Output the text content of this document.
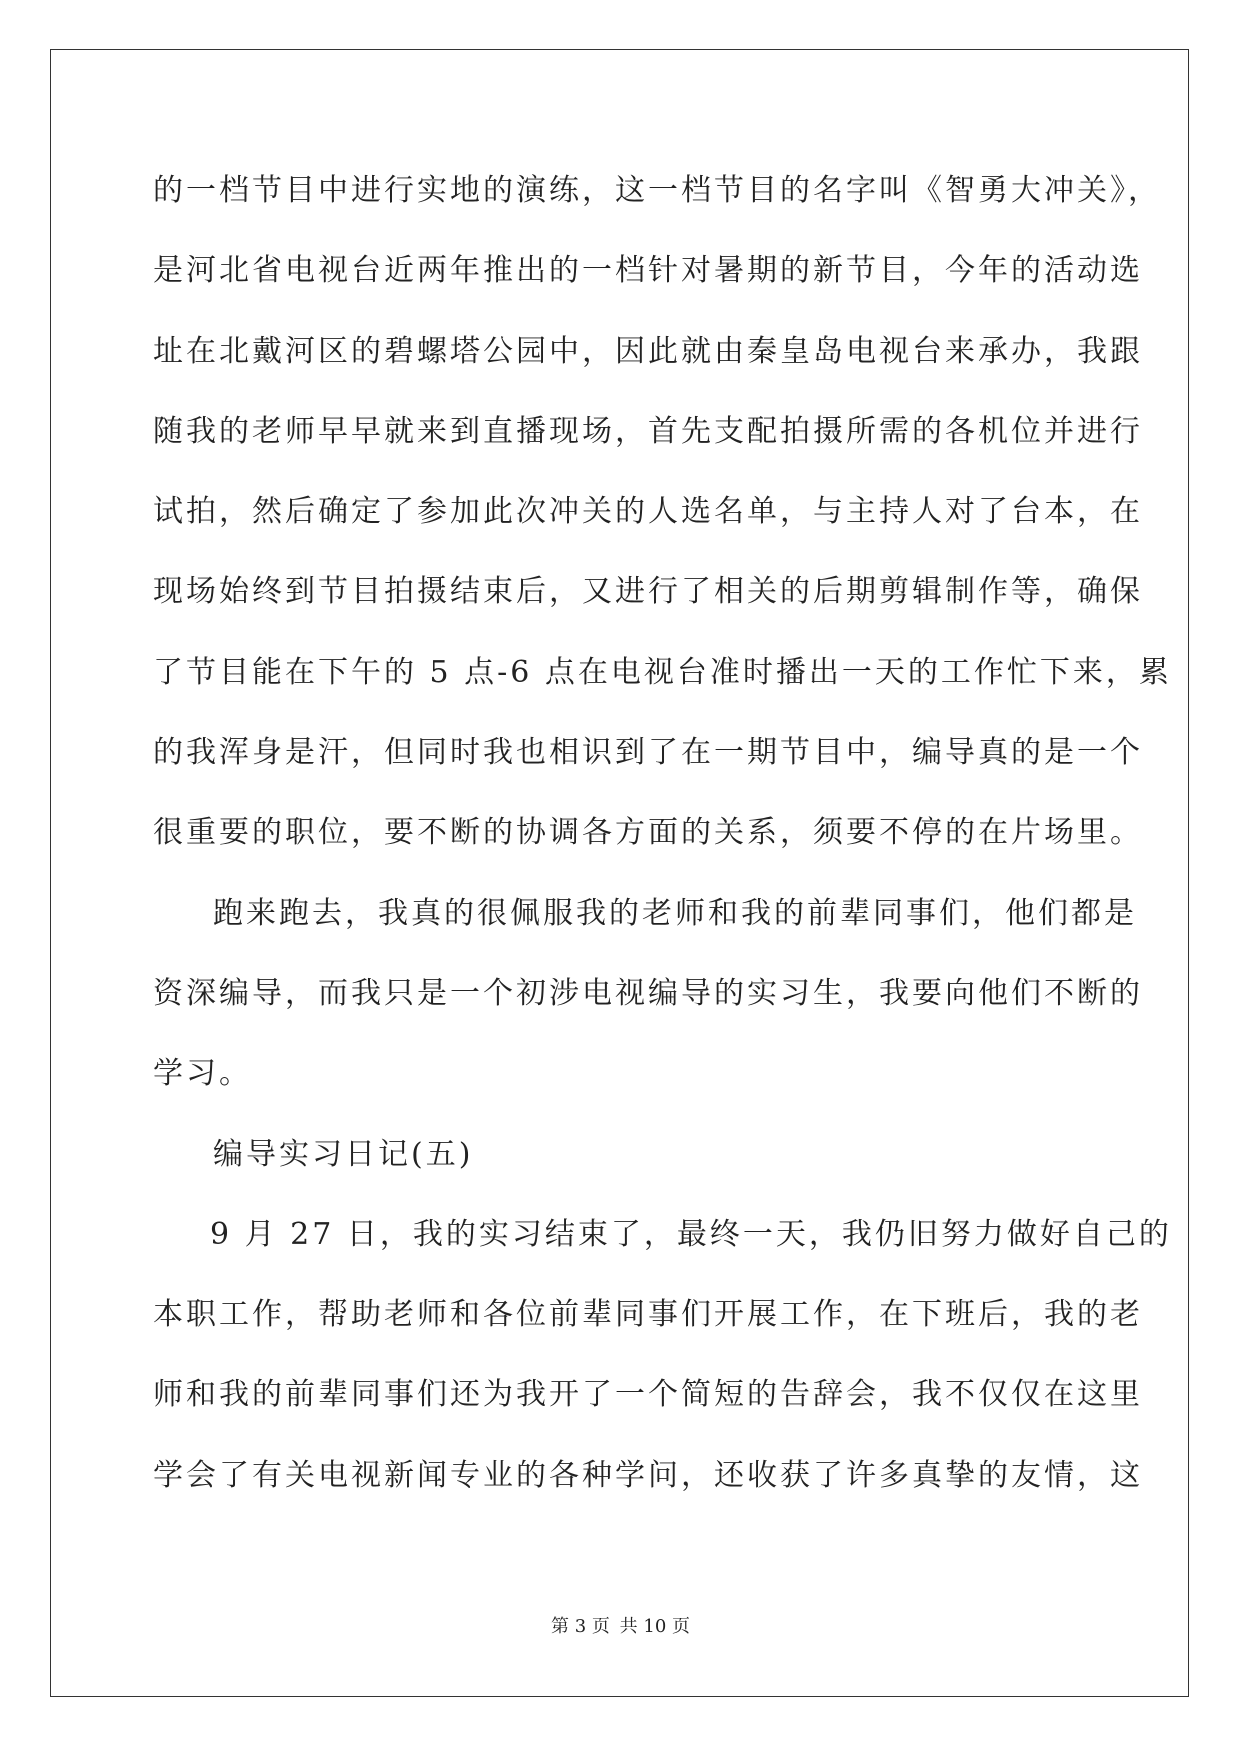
的一档节目中进行实地的演练，这一档节目的名字叫《智勇大冲关》，
是河北省电视台近两年推出的一档针对暑期的新节目，今年的活动选
址在北戴河区的碧螺塔公园中，因此就由秦皇岛电视台来承办，我跟
随我的老师早早就来到直播现场，首先支配拍摄所需的各机位并进行
试拍，然后确定了参加此次冲关的人选名单，与主持人对了台本，在
现场始终到节目拍摄结束后，又进行了相关的后期剪辑制作等，确保
了节目能在下午的 5 点-6 点在电视台准时播出一天的工作忙下来，累
的我浑身是汗，但同时我也相识到了在一期节目中，编导真的是一个
很重要的职位，要不断的协调各方面的关系，须要不停的在片场里。
跑来跑去，我真的很佩服我的老师和我的前辈同事们，他们都是
资深编导，而我只是一个初涉电视编导的实习生，我要向他们不断的
学习。
编导实习日记(五)
9 月 27 日，我的实习结束了，最终一天，我仍旧努力做好自己的
本职工作，帮助老师和各位前辈同事们开展工作，在下班后，我的老
师和我的前辈同事们还为我开了一个简短的告辞会，我不仅仅在这里
学会了有关电视新闻专业的各种学问，还收获了许多真挚的友情，这
第 3 页 共 10 页
